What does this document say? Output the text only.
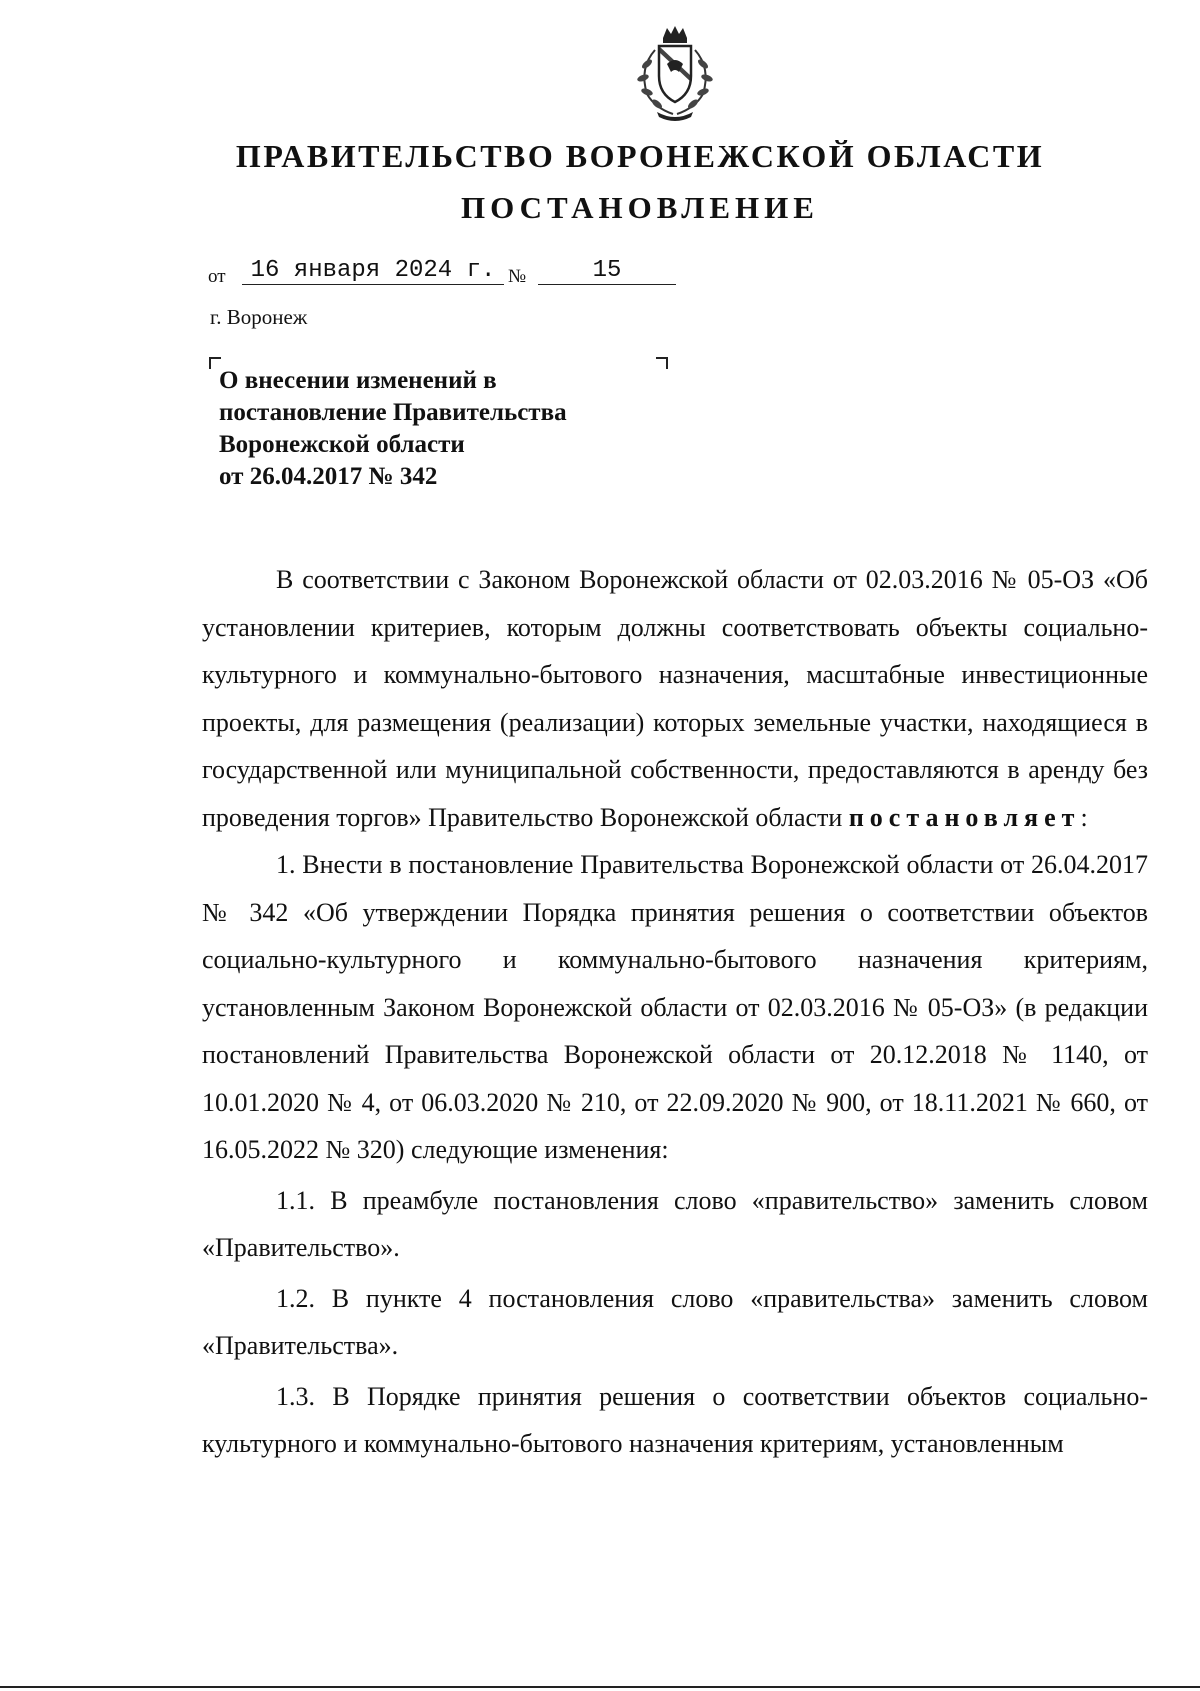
ПРАВИТЕЛЬСТВО ВОРОНЕЖСКОЙ ОБЛАСТИ
ПОСТАНОВЛЕНИЕ
от	16 января 2024 г. №	15
г. Воронеж
О внесении изменений в
постановление Правительства
Воронежской области
от 26.04.2017 № 342

В соответствии с Законом Воронежской области от 02.03.2016 № 05-ОЗ «Об установлении критериев, которым должны соответствовать объекты социально-культурного и коммунально-бытового назначения, масштабные инвестиционные проекты, для размещения (реализации) которых земельные участки, находящиеся в государственной или муниципальной собственности, предоставляются в аренду без проведения торгов» Правительство Воронежской области постановляет:

1. Внести в постановление Правительства Воронежской области от 26.04.2017 № 342 «Об утверждении Порядка принятия решения о соответствии объектов социально-культурного и коммунально-бытового назначения критериям, установленным Законом Воронежской области от 02.03.2016 № 05-ОЗ» (в редакции постановлений Правительства Воронежской области от 20.12.2018 № 1140, от 10.01.2020 № 4, от 06.03.2020 № 210, от 22.09.2020 № 900, от 18.11.2021 № 660, от 16.05.2022 № 320) следующие изменения:

1.1. В преамбуле постановления слово «правительство» заменить словом «Правительство».

1.2. В пункте 4 постановления слово «правительства» заменить словом «Правительства».

1.3. В Порядке принятия решения о соответствии объектов социально-культурного и коммунально-бытового назначения критериям, установленным
